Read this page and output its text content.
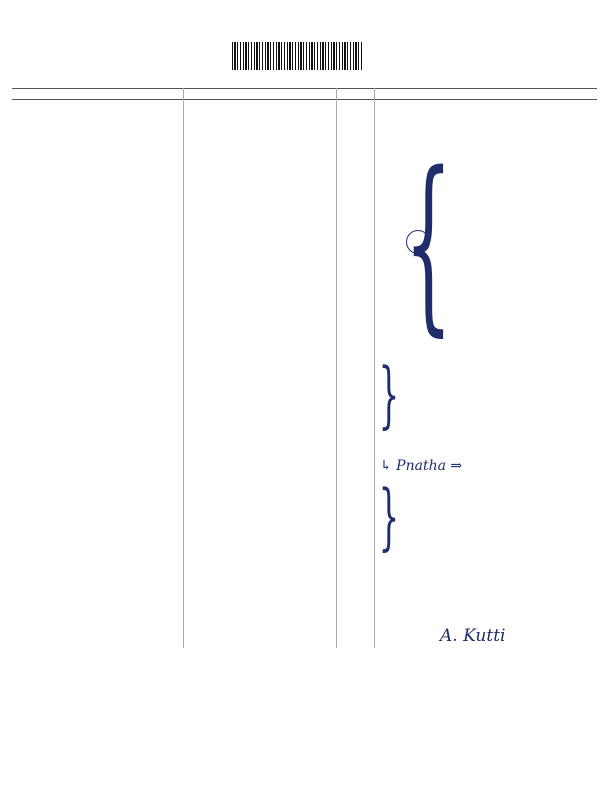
{
}
↳ Pnatha ⇒
}
A. Kutti
